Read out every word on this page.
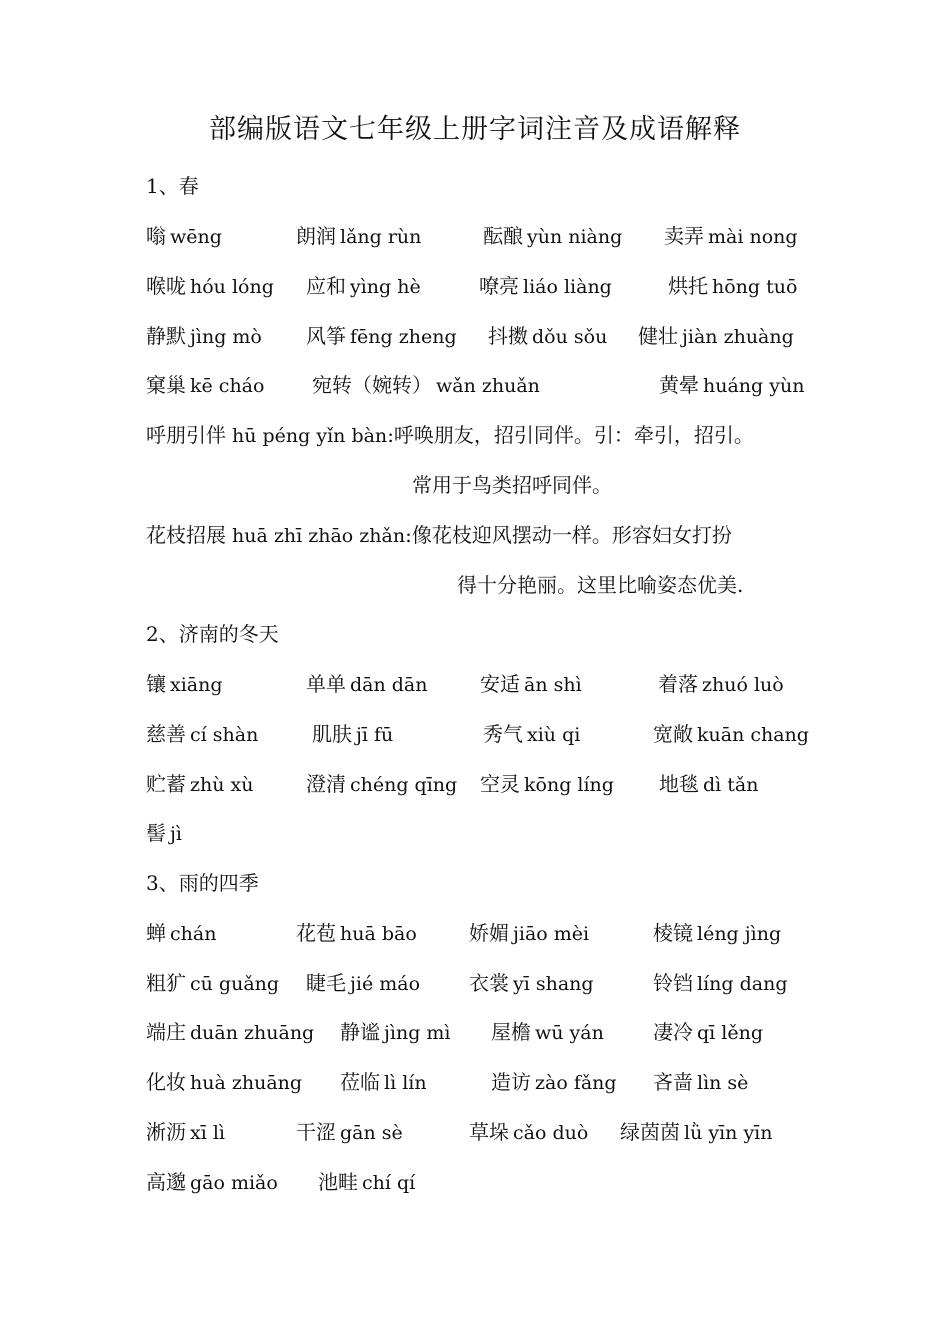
部编版语文七年级上册字词注音及成语解释
1、春
嗡 wēng	朗润 lǎng rùn	酝酿 yùn niàng 卖弄 mài nong
喉咙 hóu lóng 应和 yìng hè	嘹亮 liáo liàng	烘托 hōng tuō
静默 jìng mò 风筝 fēng zheng 抖擞 dǒu sǒu 健壮 jiàn zhuàng
窠巢 kē cháo 宛转（婉转） wǎn zhuǎn	黄晕 huáng yùn
呼朋引伴 hū péng yǐn bàn:呼唤朋友，招引同伴。引：牵引，招引。
常用于鸟类招呼同伴。
花枝招展 huā zhī zhāo zhǎn:像花枝迎风摆动一样。形容妇女打扮
得十分艳丽。这里比喻姿态优美.
2、济南的冬天
镶 xiāng	单单 dān dān	安适 ān shì	着落 zhuó luò
慈善 cí shàn	肌肤 jī fū	秀气 xiù qi	宽敞 kuān chang
贮蓄 zhù xù	澄清 chéng qīng 空灵 kōng líng 地毯 dì tǎn
髻 jì
3、雨的四季
蝉 chán	花苞 huā bāo	娇媚 jiāo mèi	棱镜 léng jìng
粗犷 cū guǎng 睫毛 jié máo 衣裳 yī shang	铃铛 líng dang
端庄 duān zhuāng 静谧 jìng mì 屋檐 wū yán 凄冷 qī lěng
化妆 huà zhuāng 莅临 lì lín	造访 zào fǎng 吝啬 lìn sè
淅沥 xī lì	干涩 gān sè	草垛 cǎo duò 绿茵茵 lǜ yīn yīn
高邈 gāo miǎo 池畦 chí qí
